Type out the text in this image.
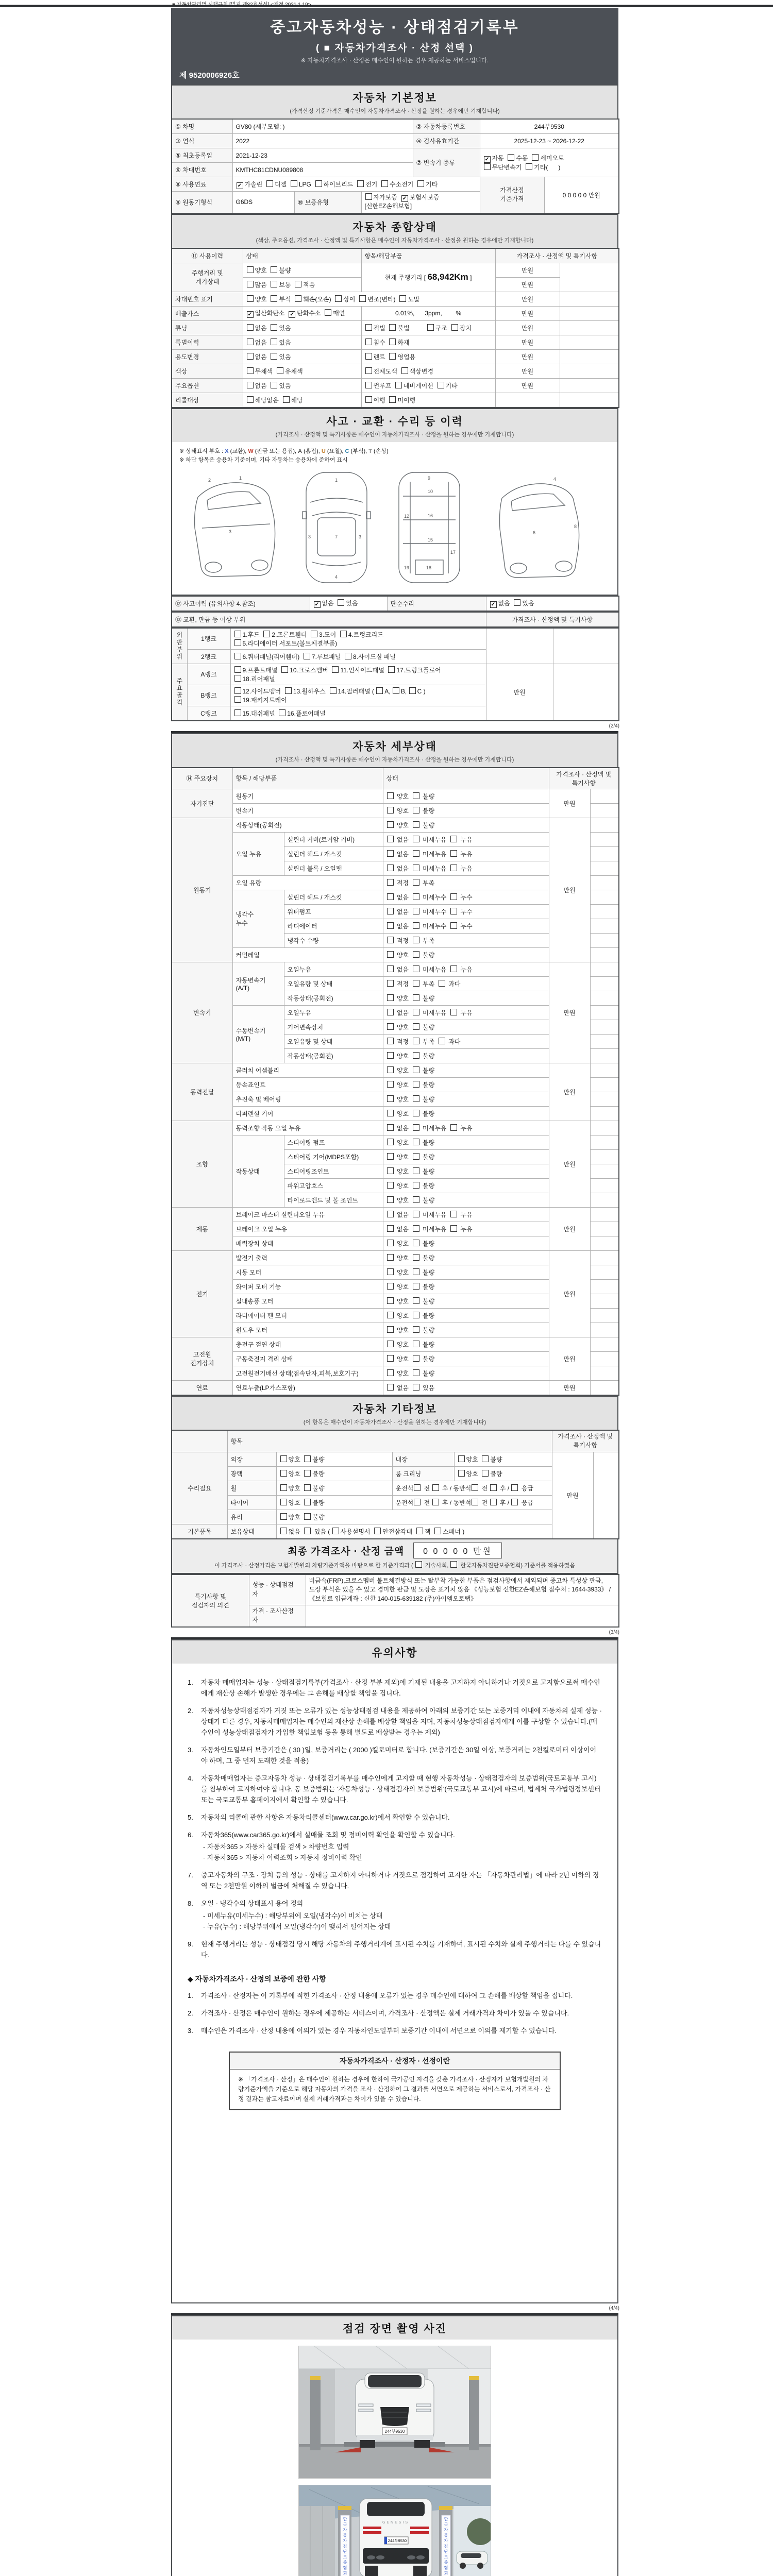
중고자동차성능 · 상태점검기록부
( ■ 자동차가격조사 · 산정 선택 )
※ 자동차가격조사 · 산정은 매수인이 원하는 경우 제공하는 서비스입니다.
제 9520006926호
자동차 기본정보
(가격산정 기준가격은 매수인이 자동차가격조사 · 산정을 원하는 경우에만 기재합니다)
① 차명	GV80 (세부모델: )			② 자동차등록번호	244부9530	
③ 연식	2022			④ 검사유효기간	2025-12-23 ~ 2026-12-22	
⑤ 최초등록일	2021-12-23			⑦ 변속기 종류	✓ 자동  수동  세미오토
무단변속기  기타(      )	
⑥ 차대번호	KMTHC81CDNU089808					
⑧ 사용연료	✓ 가솔린  디젤  LPG  하이브리드  전기  수소전기  기타				가격산정
기준가격	0 0 0 0 0 만원
⑨ 원동기형식	G6DS	⑩ 보증유형	자가보증  ✓ 보험사보증 [신한EZ손해보험]			
자동차 종합상태
(색상, 주요옵션, 가격조사 · 산정액 및 특기사항은 매수인이 자동차가격조사 · 산정을 원하는 경우에만 기재합니다)
⑪ 사용이력	상태	항목/해당부품	가격조사 · 산정액 및 특기사항	
주행거리 및
계기상태	양호  불량	현재 주행거리 [ 68,942Km ]	만원	
	많음  보통  적음		만원	
차대번호 표기	양호  부식  훼손(오손)  상이  변조(변타)  도말		만원	
배출가스	✓ 일산화탄소  ✓ 탄화수소  매연	0.01%,      3ppm,        %	만원	
튜닝	없음  있음	적법  불법          구조  장치	만원	
특별이력	없음  있음	침수  화재	만원	
용도변경	없음  있음	렌트  영업용	만원	
색상	무채색  유채색	전체도색  색상변경	만원	
주요옵션	없음  있음	썬루프  네비게이션  기타	만원	
리콜대상	해당없음  해당	이행  미이행		
사고 · 교환 · 수리 등 이력
(가격조사 · 산정액 및 특기사항은 매수인이 자동차가격조사 · 산정을 원하는 경우에만 기재합니다)
※ 상태표시 부호 : X (교환), W (판금 또는 용접), A (흠집), U (요철), C (부식), T (손상)
※ 하단 항목은 승용차 기준이며, 기타 자동차는 승용차에 준하여 표시
1
7
4
3	3
9
10
12	16
15
17
18
19
2	1
3
4
6
8
⑫ 사고이력 (유의사항 4.참조)	✓ 없음  있음	단순수리	✓ 없음  있음
⑬ 교환, 판금 등 이상 부위	가격조사 · 산정액 및 특기사항
외판부위	1랭크	1.후드  2.프론트휀더  3.도어  4.트렁크리드
5.라디에이터 서포트(볼트체결부품)		
	2랭크	6.쿼터패널(리어휀더)  7.루브패널  8.사이드실 패널		
주요골격	A랭크	9.프론트패널  10.크로스멤버  11.인사이드패널  17.트렁크플로어
18.리어패널	만원	
	B랭크	12.사이드멤버  13.휠하우스  14.필러패널 ( A, B, C )
19.패키지트레이		
	C랭크	15.대쉬패널  16.플로어패널		
(2/4)
자동차 세부상태
(가격조사 · 산정액 및 특기사항은 매수인이 자동차가격조사 · 산정을 원하는 경우에만 기재합니다)
⑭ 주요장치	항목 / 해당부품		상태	가격조사 · 산정액 및 특기사항	
자기진단	원동기		양호   불량	만원	
	변속기		양호   불량		
원동기	작동상태(공회전)		양호   불량	만원	
	오일 누유	실린더 커버(로커암 커버)	없음   미세누유   누유		
		실린더 헤드 / 개스킷	없음   미세누유   누유		
		실린더 블록 / 오일팬	없음   미세누유   누유		
	오일 유량		적정   부족		
	냉각수
누수	실린더 헤드 / 개스킷	없음   미세누수   누수		
		워터펌프	없음   미세누수   누수		
		라디에이터	없음   미세누수   누수		
		냉각수 수량	적정   부족		
	커먼레일		양호   불량		
변속기	자동변속기
(A/T)	오일누유	없음   미세누유   누유	만원	
		오일유량 및 상태	적정   부족   과다		
		작동상태(공회전)	양호   불량		
	수동변속기
(M/T)	오일누유	없음   미세누유   누유		
		기어변속장치	양호   불량		
		오일유량 및 상태	적정   부족   과다		
		작동상태(공회전)	양호   불량		
동력전달	클러치 어셈블리		양호   불량	만원	
	등속죠인트		양호   불량		
	추진축 및 베어링		양호   불량		
	디퍼렌셜 기어		양호   불량		
조향	동력조향 작동 오일 누유		없음   미세누유   누유	만원	
	작동상태	스티어링 펌프	양호   불량		
		스티어링 기어(MDPS포함)	양호   불량		
		스티어링조인트	양호   불량		
		파워고압호스	양호   불량		
		타이로드엔드 및 볼 조인트	양호   불량		
제동	브레이크 마스터 실린더오일 누유		없음   미세누유   누유	만원	
	브레이크 오일 누유		없음   미세누유   누유		
	배력장치 상태		양호   불량		
전기	발전기 출력		양호   불량	만원	
	시동 모터		양호   불량		
	와이퍼 모터 기능		양호   불량		
	실내송풍 모터		양호   불량		
	라디에이터 팬 모터		양호   불량		
	윈도우 모터		양호   불량		
고전원
전기장치	충전구 절연 상태		양호   불량	만원	
	구동축전지 격리 상태		양호   불량		
	고전원전기배선 상태(접속단자,피복,보호기구)		양호   불량		
연료	연료누출(LP가스포함)		없음   있음	만원	
자동차 기타정보
(이 항목은 매수인이 자동차가격조사 · 산정을 원하는 경우에만 기재합니다)
	항목				가격조사 · 산정액 및 특기사항	
수리필요	외장	양호  불량	내장	양호  불량	만원	
	광택	양호  불량	룸 크리닝	양호  불량		
	휠	양호  불량	운전석 전  후 / 동반석 전  후 /  응급			
	타이어	양호  불량	운전석 전  후 / 동반석 전  후 /  응급			
	유리	양호  불량				
기본품목	보유상태	없음   있음 ( 사용설명서  안전삼각대  잭  스패너 )				
최종 가격조사 · 산정 금액	0 0 0 0 0 만원
이 가격조사 · 산정가격은 보험개발원의 차량기준가액을 바탕으로 한 기준가격과 (  기술사회,  한국자동차진단보증협회) 기준서를 적용하였음
특기사항 및
점검자의 의견	성능 · 상태점검
자	비금속(FRP),크로스멤버 볼트체결방식 또는 탈부착 가능한 부품은 점검사항에서 제외되며 중고차 특성상 판금, 도장 부식은 있을 수 있고 경미한 판금 및 도장은 표기치 않음 《성능보험 신한EZ손해보험 접수처 : 1644-3933》 / 《보험료 입금계좌 : 신한 140-015-639182 (주)아이엠오토랩》
	가격 · 조사산정
자	
(3/4)
유의사항
1.	자동차 매매업자는 성능 · 상태점검기록부(가격조사 · 산정 부분 제외)에 기재된 내용을 고지하지 아니하거나 거짓으로 고지함으로써 매수인에게 재산상 손해가 발생한 경우에는 그 손해를 배상할 책임을 집니다.
2.	자동차성능상태점검자가 거짓 또는 오류가 있는 성능상태점검 내용을 제공하여 아래의 보증기간 또는 보증거리 이내에 자동차의 실제 성능 · 상태가 다른 경우, 자동차매매업자는 매수인의 재산상 손해를 배상할 책임을 지며, 자동차성능상태점검자에게 이를 구상할 수 있습니다.(매수인이 성능상태점검자가 가입한 책임보험 등을 통해 별도로 배상받는 경우는 제외)
3.	자동차인도일부터 보증기간은 ( 30 )일, 보증거리는 ( 2000 )킬로미터로 합니다. (보증기간은 30일 이상, 보증거리는 2천킬로미터 이상이어야 하며, 그 중 먼저 도래한 것을 적용)
4.	자동차매매업자는 중고자동차 성능 · 상태점검기록부를 매수인에게 고지할 때 현행 자동차성능 · 상태점검자의 보증범위(국토교통부 고시)를 첨부하여 고지하여야 합니다. 동 보증범위는 '자동차성능 · 상태점검자의 보증범위'(국토교통부 고시)에 따르며, 법제처 국가법령정보센터 또는 국토교통부 홈페이지에서 확인할 수 있습니다.
5.	자동차의 리콜에 관한 사항은 자동차리콜센터(www.car.go.kr)에서 확인할 수 있습니다.
6.	자동차365(www.car365.go.kr)에서 실매물 조회 및 정비이력 확인을 확인할 수 있습니다.
- 자동차365 > 자동차 실매물 검색 > 차량번호 입력
- 자동차365 > 자동차 이력조회 > 자동차 정비이력 확인
7.	중고자동차의 구조 · 장치 등의 성능 · 상태를 고지하지 아니하거나 거짓으로 점검하여 고지한 자는 「자동차관리법」에 따라 2년 이하의 징역 또는 2천만원 이하의 벌금에 처해질 수 있습니다.
8.	오일 · 냉각수의 상태표시 용어 정의
- 미세누유(미세누수) : 해당부위에 오일(냉각수)이 비치는 상태
- 누유(누수) : 해당부위에서 오일(냉각수)이 맺혀서 떨어지는 상태
9.	현재 주행거리는 성능 · 상태점검 당시 해당 자동차의 주행거리계에 표시된 수치를 기재하며, 표시된 수치와 실제 주행거리는 다를 수 있습니다.
◆ 자동차가격조사 · 산정의 보증에 관한 사항
1.	가격조사 · 산정자는 이 기록부에 적힌 가격조사 · 산정 내용에 오류가 있는 경우 매수인에 대하여 그 손해를 배상할 책임을 집니다.
2.	가격조사 · 산정은 매수인이 원하는 경우에 제공하는 서비스이며, 가격조사 · 산정액은 실제 거래가격과 차이가 있을 수 있습니다.
3.	매수인은 가격조사 · 산정 내용에 이의가 있는 경우 자동차인도일부터 보증기간 이내에 서면으로 이의를 제기할 수 있습니다.
자동차가격조사 · 산정자 · 선정이란
※ 「가격조사 · 산정」은 매수인이 원하는 경우에 한하여 국가공인 자격을 갖춘 가격조사 · 산정자가 보험개발원의 차량기준가액을 기준으로 해당 자동차의 가격을 조사 · 산정하여 그 결과를 서면으로 제공하는 서비스로서, 가격조사 · 산정 결과는 참고자료이며 실제 거래가격과는 차이가 있을 수 있습니다.
(4/4)
점검 장면 촬영 사진
244부9530
한 국 자 동 차 진 단 보 증 협 회
한 국 자 동 차 진 단 보 증 협 회
GENESIS
244부9530
